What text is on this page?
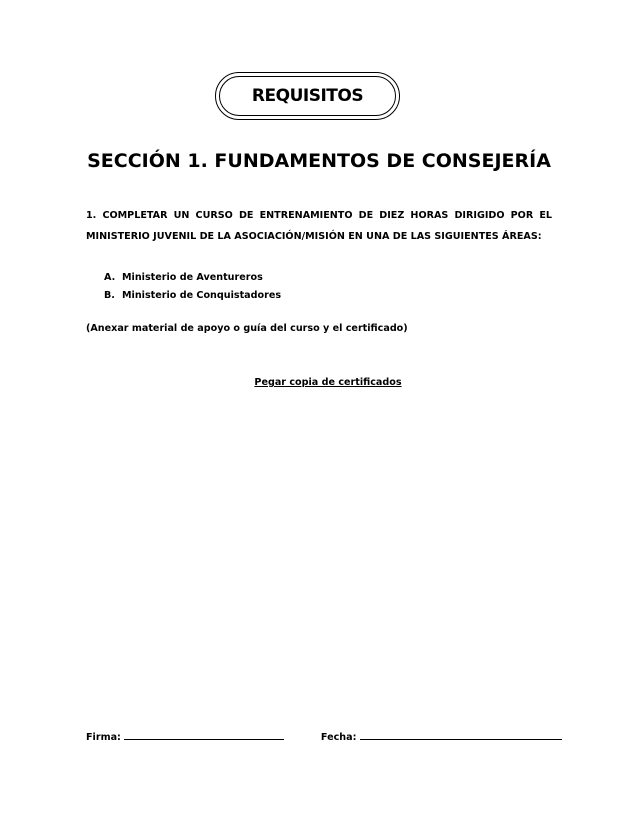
REQUISITOS
SECCIÓN 1. FUNDAMENTOS DE CONSEJERÍA
1. COMPLETAR UN CURSO DE ENTRENAMIENTO DE DIEZ HORAS DIRIGIDO POR EL MINISTERIO JUVENIL DE LA ASOCIACIÓN/MISIÓN EN UNA DE LAS SIGUIENTES ÁREAS:
A. Ministerio de Aventureros
B. Ministerio de Conquistadores
(Anexar material de apoyo o guía del curso y el certificado)
Pegar copia de certificados
Firma:	Fecha:
